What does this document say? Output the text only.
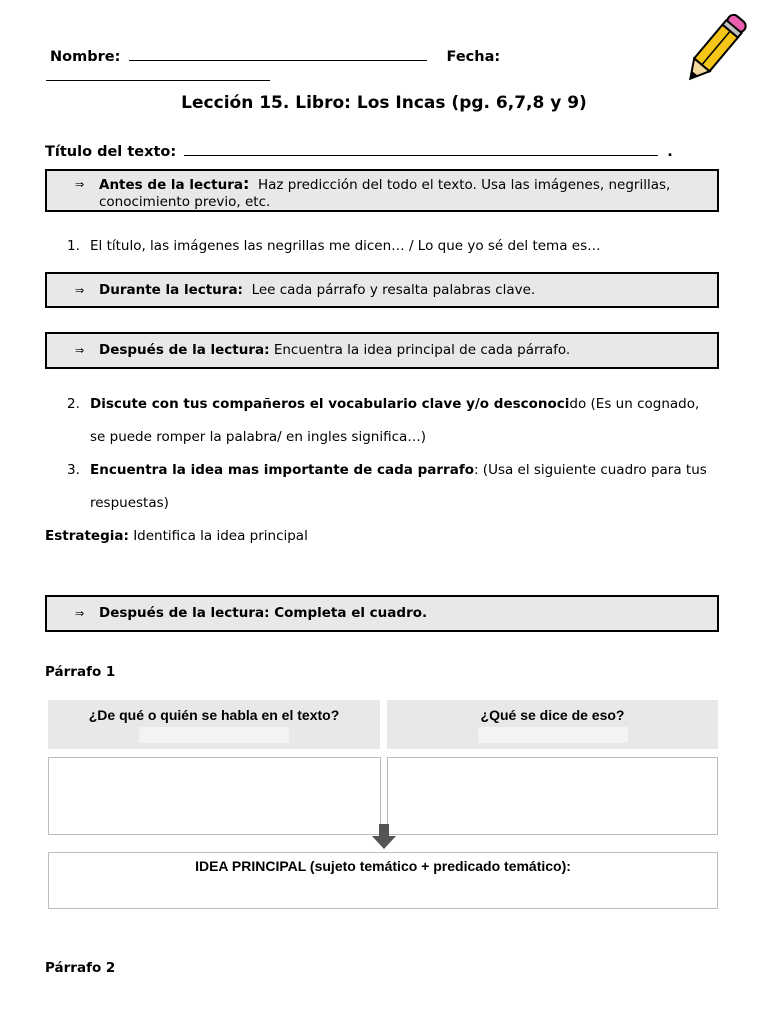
Nombre:	Fecha:
Lección 15. Libro: Los Incas (pg. 6,7,8 y 9)
Título del texto:	.
⇒	Antes de la lectura: Haz predicción del todo el texto. Usa las imágenes, negrillas, conocimiento previo, etc.
1. El título, las imágenes las negrillas me dicen… / Lo que yo sé del tema es…
⇒	Durante la lectura: Lee cada párrafo y resalta palabras clave.
⇒	Después de la lectura: Encuentra la idea principal de cada párrafo.
2. Discute con tus compañeros el vocabulario clave y/o desconocido (Es un cognado,
se puede romper la palabra/ en ingles significa…)
3. Encuentra la idea mas importante de cada parrafo: (Usa el siguiente cuadro para tus
respuestas)
Estrategia: Identifica la idea principal
⇒	Después de la lectura: Completa el cuadro.
Párrafo 1
¿De qué o quién se habla en el texto?	¿Qué se dice de eso?
IDEA PRINCIPAL (sujeto temático + predicado temático):
Párrafo 2
